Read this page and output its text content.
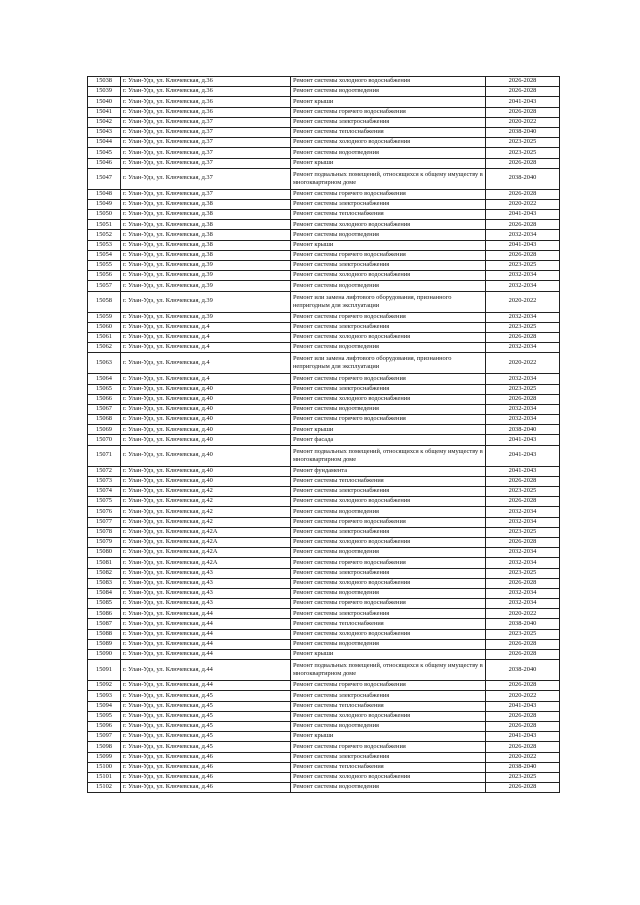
15038	г. Улан-Удэ, ул. Ключевская, д.36	Ремонт системы холодного водоснабжения	2026-2028
15039	г. Улан-Удэ, ул. Ключевская, д.36	Ремонт системы водоотведения	2026-2028
15040	г. Улан-Удэ, ул. Ключевская, д.36	Ремонт крыши	2041-2043
15041	г. Улан-Удэ, ул. Ключевская, д.36	Ремонт системы горячего водоснабжения	2026-2028
15042	г. Улан-Удэ, ул. Ключевская, д.37	Ремонт системы электроснабжения	2020-2022
15043	г. Улан-Удэ, ул. Ключевская, д.37	Ремонт системы теплоснабжения	2038-2040
15044	г. Улан-Удэ, ул. Ключевская, д.37	Ремонт системы холодного водоснабжения	2023-2025
15045	г. Улан-Удэ, ул. Ключевская, д.37	Ремонт системы водоотведения	2023-2025
15046	г. Улан-Удэ, ул. Ключевская, д.37	Ремонт крыши	2026-2028
15047	г. Улан-Удэ, ул. Ключевская, д.37	Ремонт подвальных помещений, относящихся к общему имуществу в многоквартирном доме	2038-2040
15048	г. Улан-Удэ, ул. Ключевская, д.37	Ремонт системы горячего водоснабжения	2026-2028
15049	г. Улан-Удэ, ул. Ключевская, д.38	Ремонт системы электроснабжения	2020-2022
15050	г. Улан-Удэ, ул. Ключевская, д.38	Ремонт системы теплоснабжения	2041-2043
15051	г. Улан-Удэ, ул. Ключевская, д.38	Ремонт системы холодного водоснабжения	2026-2028
15052	г. Улан-Удэ, ул. Ключевская, д.38	Ремонт системы водоотведения	2032-2034
15053	г. Улан-Удэ, ул. Ключевская, д.38	Ремонт крыши	2041-2043
15054	г. Улан-Удэ, ул. Ключевская, д.38	Ремонт системы горячего водоснабжения	2026-2028
15055	г. Улан-Удэ, ул. Ключевская, д.39	Ремонт системы электроснабжения	2023-2025
15056	г. Улан-Удэ, ул. Ключевская, д.39	Ремонт системы холодного водоснабжения	2032-2034
15057	г. Улан-Удэ, ул. Ключевская, д.39	Ремонт системы водоотведения	2032-2034
15058	г. Улан-Удэ, ул. Ключевская, д.39	Ремонт или замена лифтового оборудования, признанного непригодным для эксплуатации	2020-2022
15059	г. Улан-Удэ, ул. Ключевская, д.39	Ремонт системы горячего водоснабжения	2032-2034
15060	г. Улан-Удэ, ул. Ключевская, д.4	Ремонт системы электроснабжения	2023-2025
15061	г. Улан-Удэ, ул. Ключевская, д.4	Ремонт системы холодного водоснабжения	2026-2028
15062	г. Улан-Удэ, ул. Ключевская, д.4	Ремонт системы водоотведения	2032-2034
15063	г. Улан-Удэ, ул. Ключевская, д.4	Ремонт или замена лифтового оборудования, признанного непригодным для эксплуатации	2020-2022
15064	г. Улан-Удэ, ул. Ключевская, д.4	Ремонт системы горячего водоснабжения	2032-2034
15065	г. Улан-Удэ, ул. Ключевская, д.40	Ремонт системы электроснабжения	2023-2025
15066	г. Улан-Удэ, ул. Ключевская, д.40	Ремонт системы холодного водоснабжения	2026-2028
15067	г. Улан-Удэ, ул. Ключевская, д.40	Ремонт системы водоотведения	2032-2034
15068	г. Улан-Удэ, ул. Ключевская, д.40	Ремонт системы горячего водоснабжения	2032-2034
15069	г. Улан-Удэ, ул. Ключевская, д.40	Ремонт крыши	2038-2040
15070	г. Улан-Удэ, ул. Ключевская, д.40	Ремонт фасада	2041-2043
15071	г. Улан-Удэ, ул. Ключевская, д.40	Ремонт подвальных помещений, относящихся к общему имуществу в многоквартирном доме	2041-2043
15072	г. Улан-Удэ, ул. Ключевская, д.40	Ремонт фундамента	2041-2043
15073	г. Улан-Удэ, ул. Ключевская, д.40	Ремонт системы теплоснабжения	2026-2028
15074	г. Улан-Удэ, ул. Ключевская, д.42	Ремонт системы электроснабжения	2023-2025
15075	г. Улан-Удэ, ул. Ключевская, д.42	Ремонт системы холодного водоснабжения	2026-2028
15076	г. Улан-Удэ, ул. Ключевская, д.42	Ремонт системы водоотведения	2032-2034
15077	г. Улан-Удэ, ул. Ключевская, д.42	Ремонт системы горячего водоснабжения	2032-2034
15078	г. Улан-Удэ, ул. Ключевская, д.42А	Ремонт системы электроснабжения	2023-2025
15079	г. Улан-Удэ, ул. Ключевская, д.42А	Ремонт системы холодного водоснабжения	2026-2028
15080	г. Улан-Удэ, ул. Ключевская, д.42А	Ремонт системы водоотведения	2032-2034
15081	г. Улан-Удэ, ул. Ключевская, д.42А	Ремонт системы горячего водоснабжения	2032-2034
15082	г. Улан-Удэ, ул. Ключевская, д.43	Ремонт системы электроснабжения	2023-2025
15083	г. Улан-Удэ, ул. Ключевская, д.43	Ремонт системы холодного водоснабжения	2026-2028
15084	г. Улан-Удэ, ул. Ключевская, д.43	Ремонт системы водоотведения	2032-2034
15085	г. Улан-Удэ, ул. Ключевская, д.43	Ремонт системы горячего водоснабжения	2032-2034
15086	г. Улан-Удэ, ул. Ключевская, д.44	Ремонт системы электроснабжения	2020-2022
15087	г. Улан-Удэ, ул. Ключевская, д.44	Ремонт системы теплоснабжения	2038-2040
15088	г. Улан-Удэ, ул. Ключевская, д.44	Ремонт системы холодного водоснабжения	2023-2025
15089	г. Улан-Удэ, ул. Ключевская, д.44	Ремонт системы водоотведения	2026-2028
15090	г. Улан-Удэ, ул. Ключевская, д.44	Ремонт крыши	2026-2028
15091	г. Улан-Удэ, ул. Ключевская, д.44	Ремонт подвальных помещений, относящихся к общему имуществу в многоквартирном доме	2038-2040
15092	г. Улан-Удэ, ул. Ключевская, д.44	Ремонт системы горячего водоснабжения	2026-2028
15093	г. Улан-Удэ, ул. Ключевская, д.45	Ремонт системы электроснабжения	2020-2022
15094	г. Улан-Удэ, ул. Ключевская, д.45	Ремонт системы теплоснабжения	2041-2043
15095	г. Улан-Удэ, ул. Ключевская, д.45	Ремонт системы холодного водоснабжения	2026-2028
15096	г. Улан-Удэ, ул. Ключевская, д.45	Ремонт системы водоотведения	2026-2028
15097	г. Улан-Удэ, ул. Ключевская, д.45	Ремонт крыши	2041-2043
15098	г. Улан-Удэ, ул. Ключевская, д.45	Ремонт системы горячего водоснабжения	2026-2028
15099	г. Улан-Удэ, ул. Ключевская, д.46	Ремонт системы электроснабжения	2020-2022
15100	г. Улан-Удэ, ул. Ключевская, д.46	Ремонт системы теплоснабжения	2038-2040
15101	г. Улан-Удэ, ул. Ключевская, д.46	Ремонт системы холодного водоснабжения	2023-2025
15102	г. Улан-Удэ, ул. Ключевская, д.46	Ремонт системы водоотведения	2026-2028
